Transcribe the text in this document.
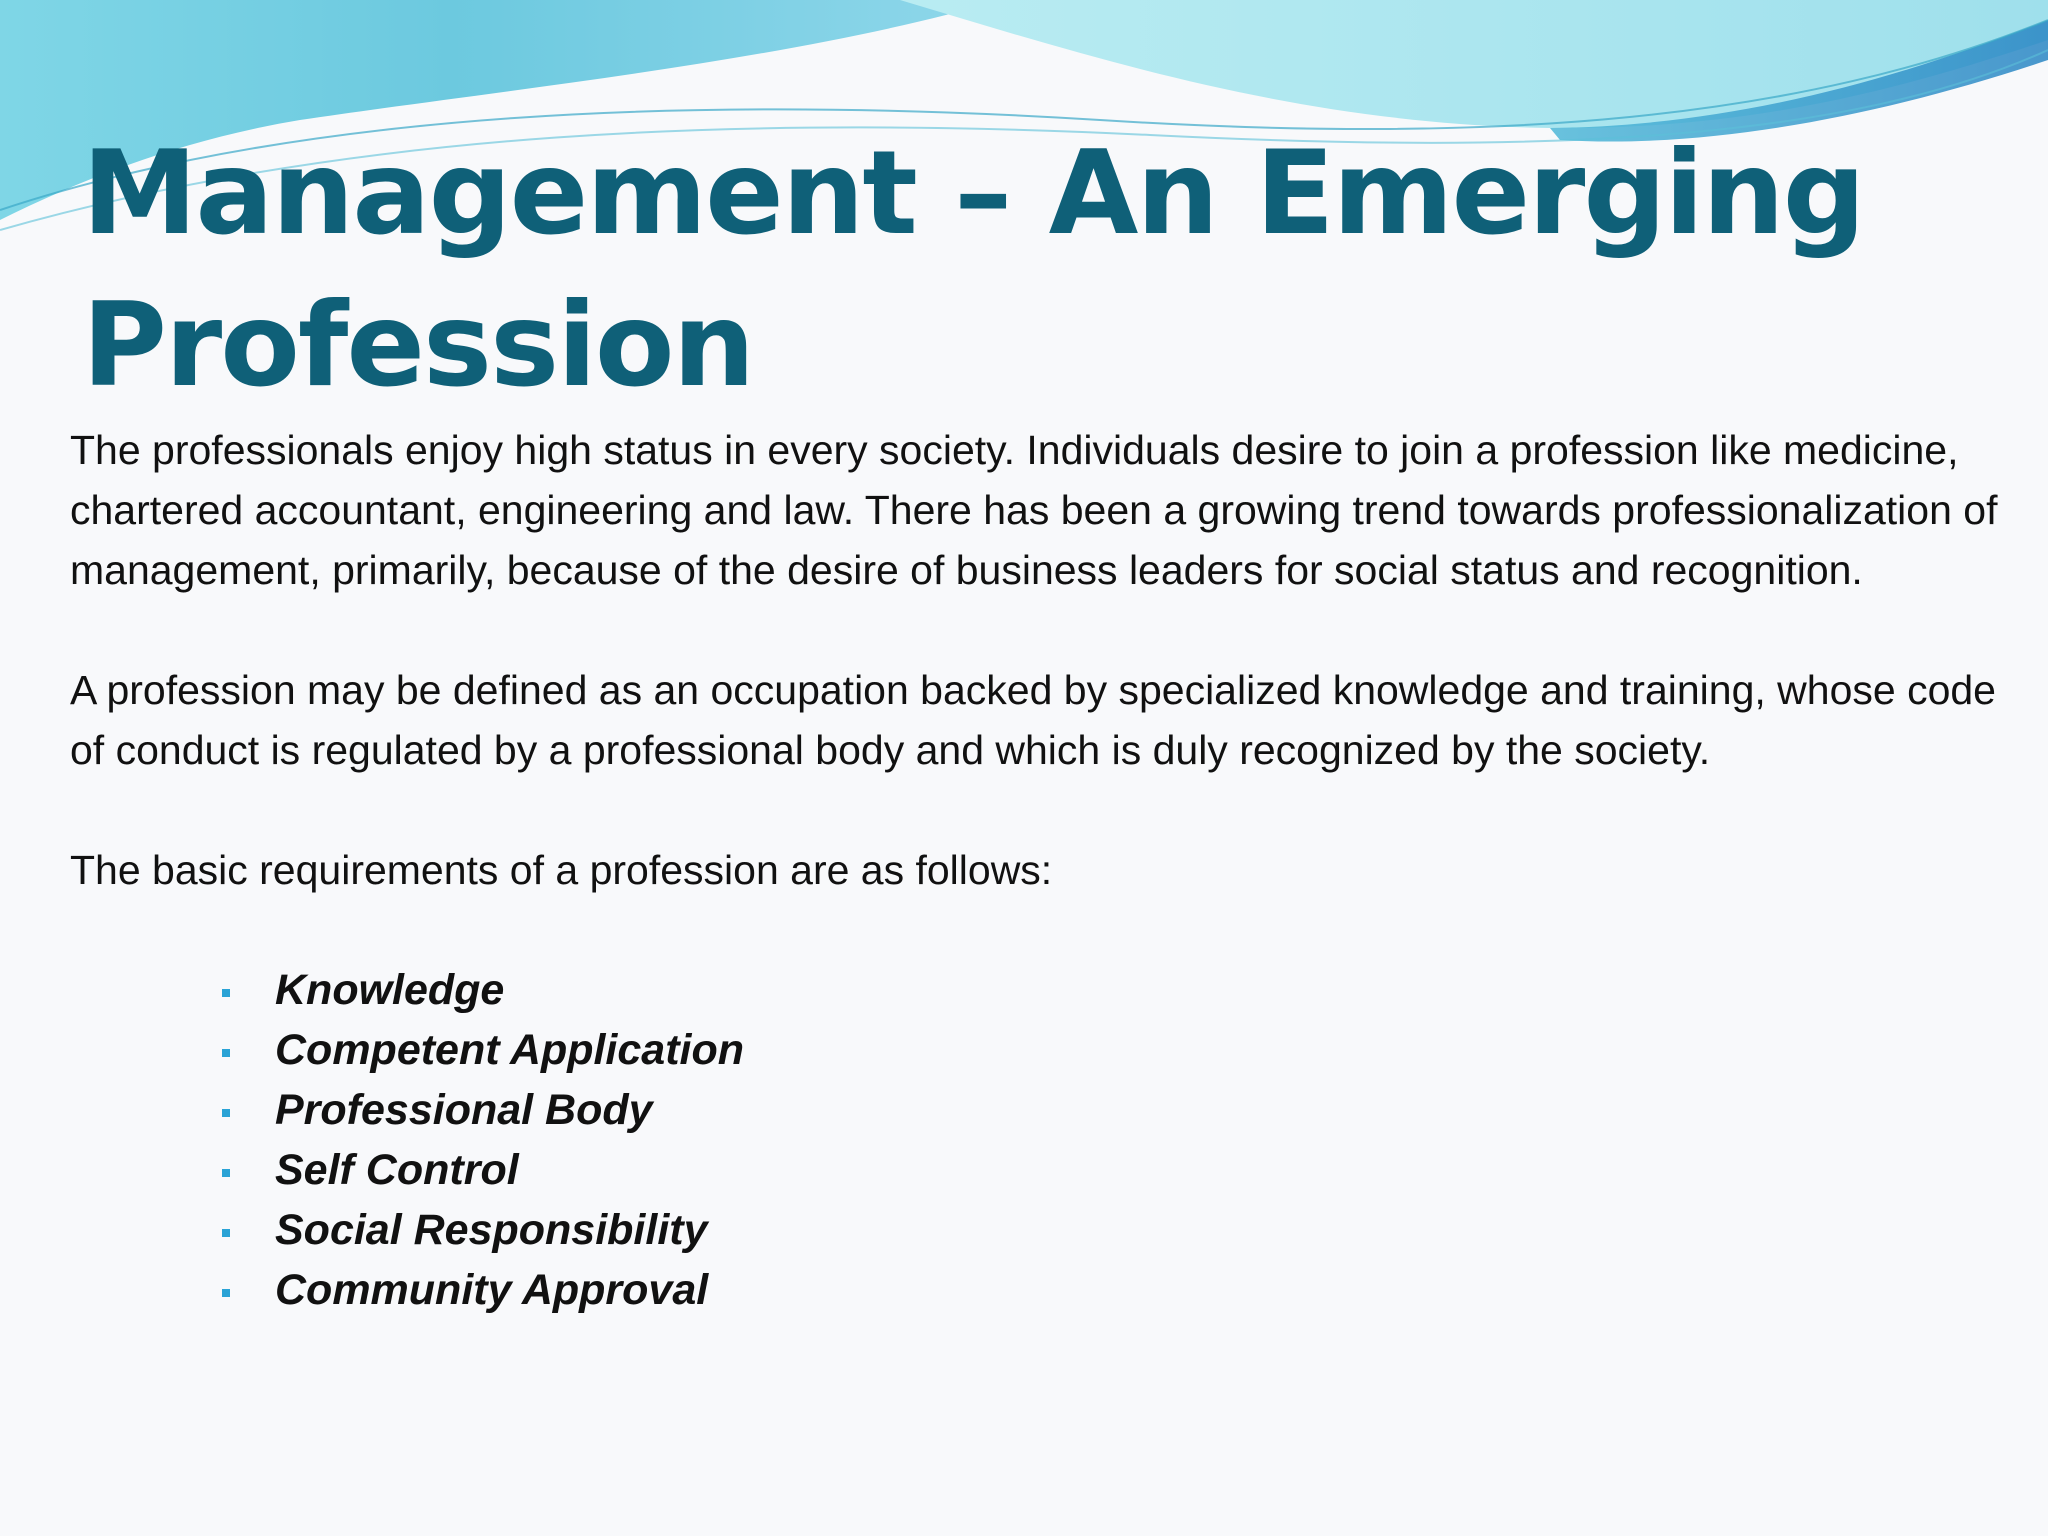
Management – An Emerging
Profession

The professionals enjoy high status in every society. Individuals desire to join a profession like medicine, chartered accountant, engineering and law. There has been a growing trend towards professionalization of management, primarily, because of the desire of business leaders for social status and recognition.

A profession may be defined as an occupation backed by specialized knowledge and training, whose code of conduct is regulated by a professional body and which is duly recognized by the society.

The basic requirements of a profession are as follows:

Knowledge
Competent Application
Professional Body
Self Control
Social Responsibility
Community Approval
